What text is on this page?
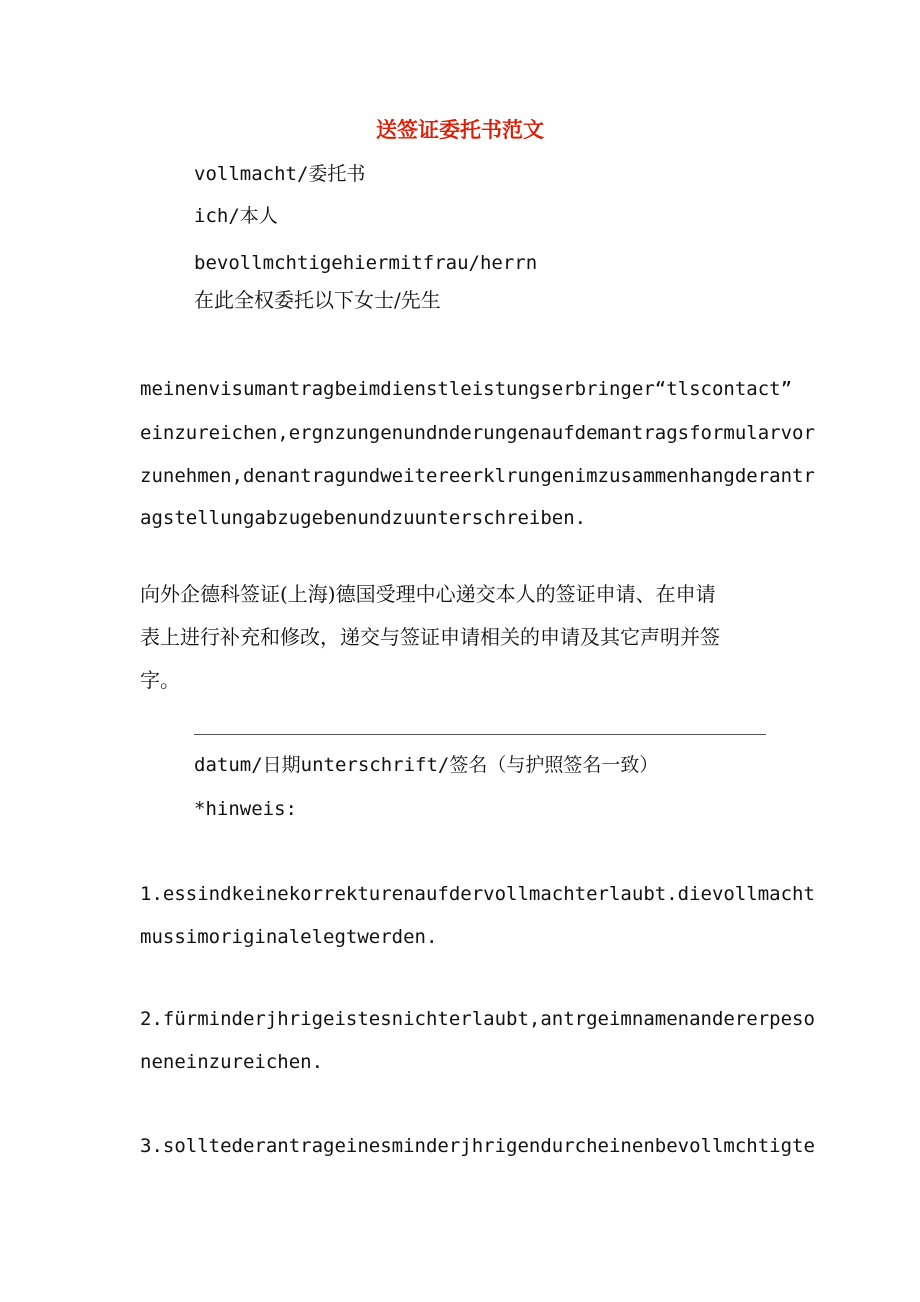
送签证委托书范文
vollmacht/委托书
ich/本人
bevollmchtigehiermitfrau/herrn
在此全权委托以下女士/先生
meinenvisumantragbeimdienstleistungserbringer“tlscontact”
einzureichen,ergnzungenundnderungenaufdemantragsformularvor
zunehmen,denantragundweitereerklrungenimzusammenhangderantr
agstellungabzugebenundzuunterschreiben.
向外企德科签证(上海)德国受理中心递交本人的签证申请、在申请
表上进行补充和修改，递交与签证申请相关的申请及其它声明并签
字。
datum/日期unterschrift/签名（与护照签名一致）
*hinweis:
1.essindkeinekorrekturenaufdervollmachterlaubt.dievollmacht
mussimoriginalelegtwerden.
2.fürminderjhrigeistesnichterlaubt,antrgeimnamenandererpeso
neneinzureichen.
3.solltederantrageinesminderjhrigendurcheinenbevollmchtigte
